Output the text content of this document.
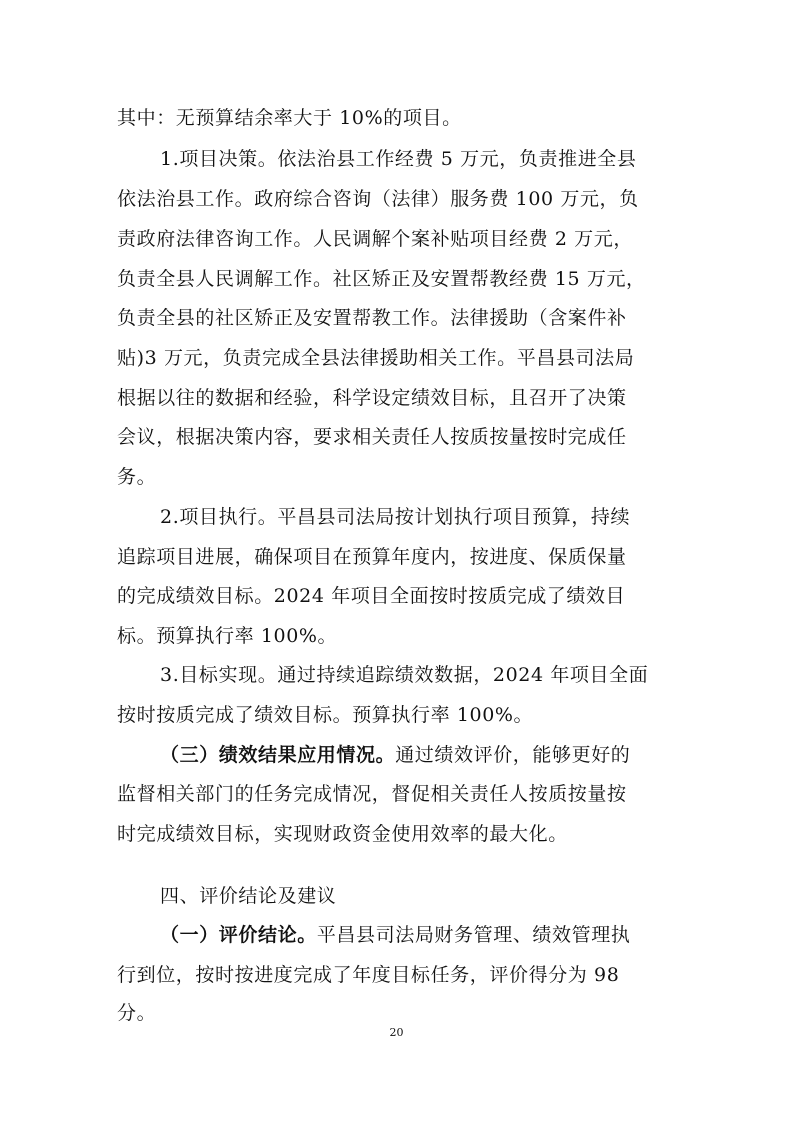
其中：无预算结余率大于 10%的项目。
1.项目决策。依法治县工作经费 5 万元，负责推进全县
依法治县工作。政府综合咨询（法律）服务费 100 万元，负
责政府法律咨询工作。人民调解个案补贴项目经费 2 万元，
负责全县人民调解工作。社区矫正及安置帮教经费 15 万元，
负责全县的社区矫正及安置帮教工作。法律援助（含案件补
贴)3 万元，负责完成全县法律援助相关工作。平昌县司法局
根据以往的数据和经验，科学设定绩效目标，且召开了决策
会议，根据决策内容，要求相关责任人按质按量按时完成任
务。
2.项目执行。平昌县司法局按计划执行项目预算，持续
追踪项目进展，确保项目在预算年度内，按进度、保质保量
的完成绩效目标。2024 年项目全面按时按质完成了绩效目
标。预算执行率 100%。
3.目标实现。通过持续追踪绩效数据，2024 年项目全面
按时按质完成了绩效目标。预算执行率 100%。
（三）绩效结果应用情况。通过绩效评价，能够更好的
监督相关部门的任务完成情况，督促相关责任人按质按量按
时完成绩效目标，实现财政资金使用效率的最大化。
四、评价结论及建议
（一）评价结论。平昌县司法局财务管理、绩效管理执
行到位，按时按进度完成了年度目标任务，评价得分为 98
分。
20
